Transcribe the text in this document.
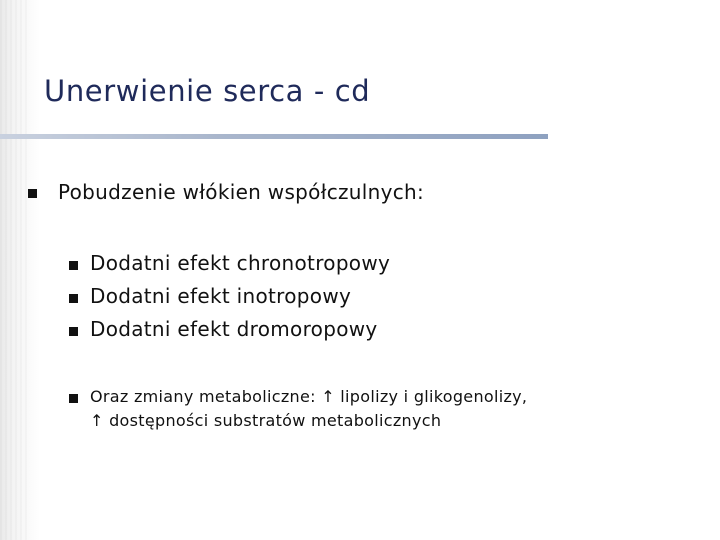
Unerwienie serca - cd
Pobudzenie włókien współczulnych:
Dodatni efekt chronotropowy
Dodatni efekt inotropowy
Dodatni efekt dromoropowy
Oraz zmiany metaboliczne: ↑ lipolizy i glikogenolizy,
↑ dostępności substratów metabolicznych
